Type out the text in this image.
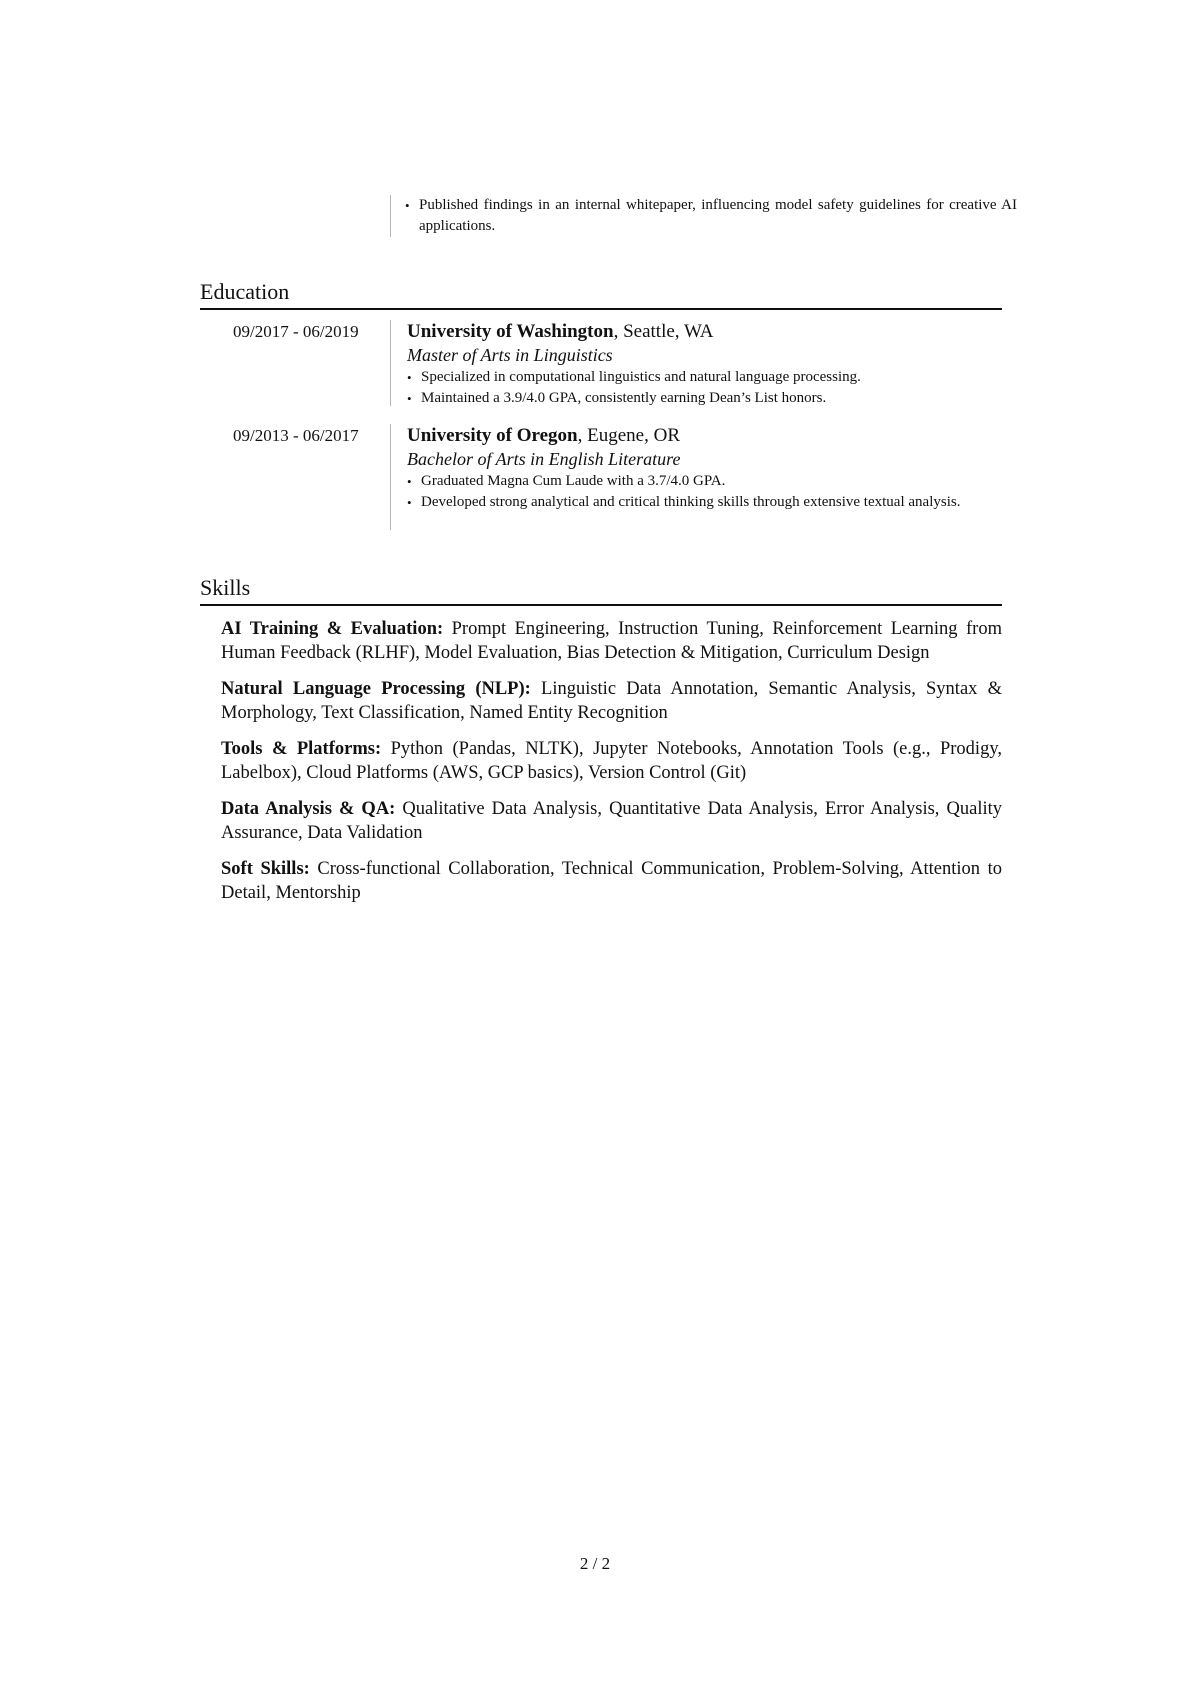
• Published findings in an internal whitepaper, influencing model safety guidelines for creative AI applications.
Education
09/2017 - 06/2019	University of Washington, Seattle, WA
Master of Arts in Linguistics
• Specialized in computational linguistics and natural language processing.
• Maintained a 3.9/4.0 GPA, consistently earning Dean’s List honors.
09/2013 - 06/2017	University of Oregon, Eugene, OR
Bachelor of Arts in English Literature
• Graduated Magna Cum Laude with a 3.7/4.0 GPA.
• Developed strong analytical and critical thinking skills through extensive textual analysis.
Skills

AI Training & Evaluation: Prompt Engineering, Instruction Tuning, Reinforcement Learning from Human Feedback (RLHF), Model Evaluation, Bias Detection & Mitigation, Curriculum Design

Natural Language Processing (NLP): Linguistic Data Annotation, Semantic Analysis, Syntax & Morphology, Text Classification, Named Entity Recognition

Tools & Platforms: Python (Pandas, NLTK), Jupyter Notebooks, Annotation Tools (e.g., Prodigy, Labelbox), Cloud Platforms (AWS, GCP basics), Version Control (Git)

Data Analysis & QA: Qualitative Data Analysis, Quantitative Data Analysis, Error Analysis, Quality Assurance, Data Validation

Soft Skills: Cross-functional Collaboration, Technical Communication, Problem-Solving, Attention to Detail, Mentorship

2 / 2
